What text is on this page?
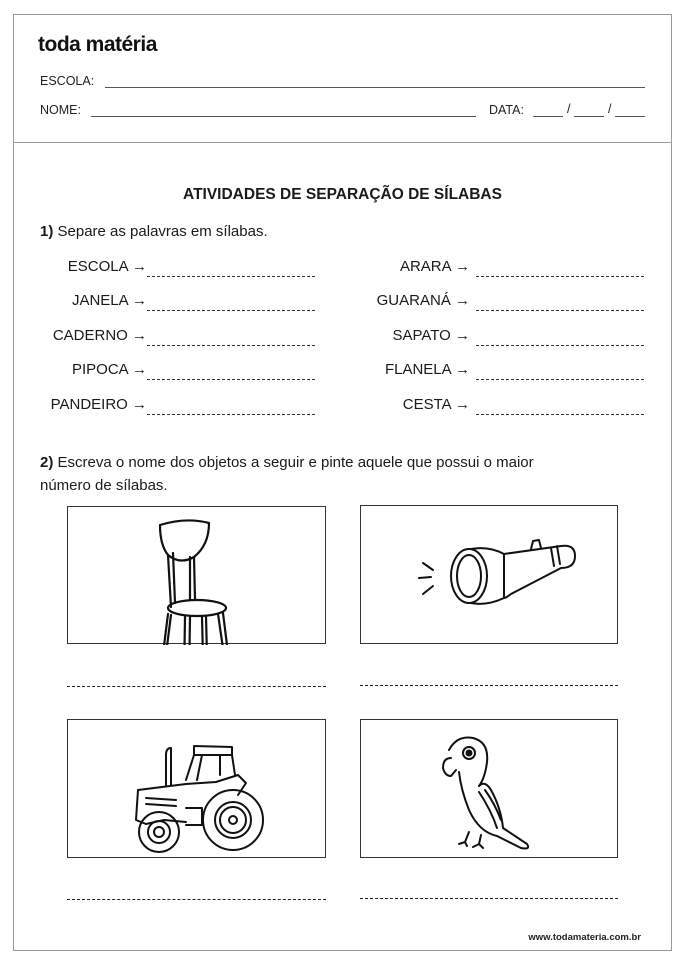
toda matéria
ESCOLA:
NOME:	DATA:	/	/
ATIVIDADES DE SEPARAÇÃO DE SÍLABAS
1) Separe as palavras em sílabas.
ESCOLA →
JANELA →
CADERNO →
PIPOCA →
PANDEIRO →
ARARA →
GUARANÁ →
SAPATO →
FLANELA →
CESTA →
2) Escreva o nome dos objetos a seguir e pinte aquele que possui o maior
número de sílabas.
www.todamateria.com.br
